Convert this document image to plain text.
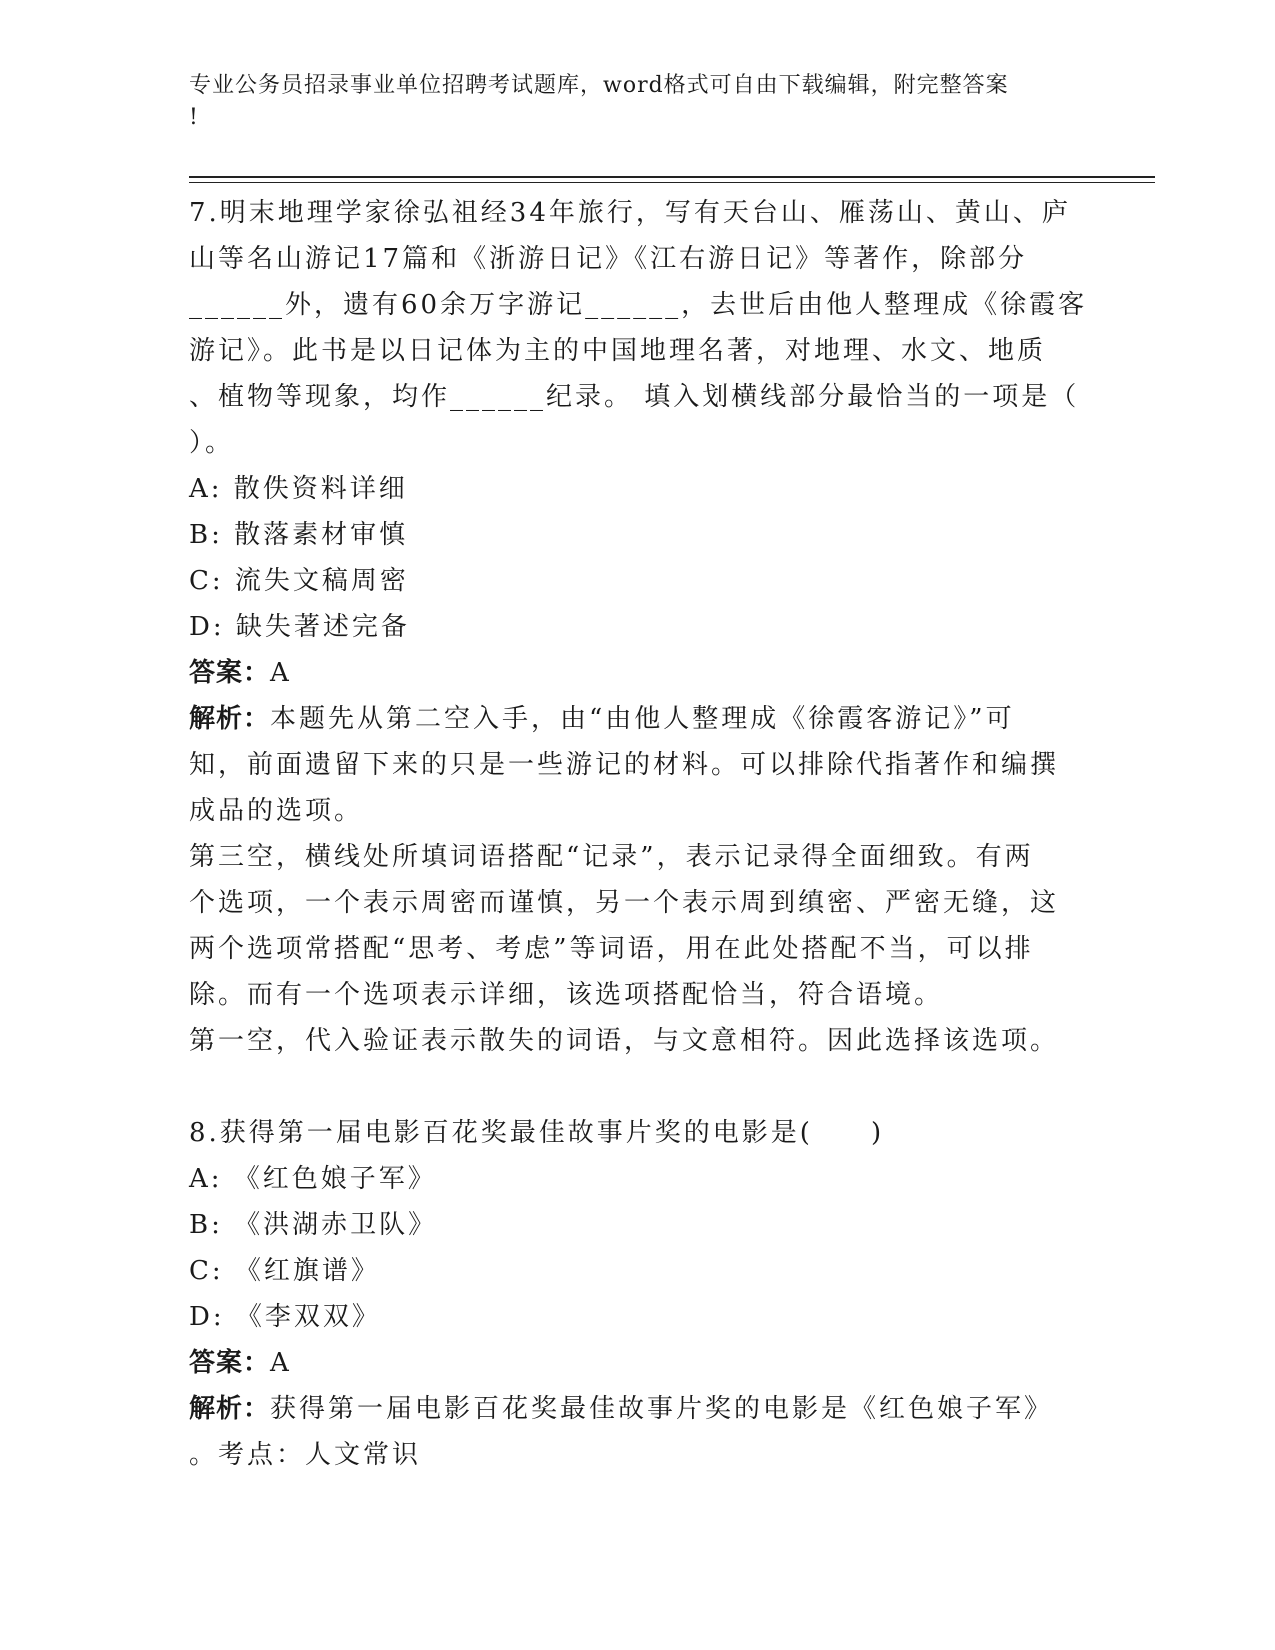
专业公务员招录事业单位招聘考试题库，word格式可自由下载编辑，附完整答案
!
7.明末地理学家徐弘祖经34年旅行，写有天台山、雁荡山、黄山、庐
山等名山游记17篇和《浙游日记》《江右游日记》等著作，除部分
______外，遗有60余万字游记______，去世后由他人整理成《徐霞客
游记》。此书是以日记体为主的中国地理名著，对地理、水文、地质
、植物等现象，均作______纪录。 填入划横线部分最恰当的一项是（
）。
A: 散佚资料详细
B: 散落素材审慎
C: 流失文稿周密
D: 缺失著述完备
答案：A
解析：本题先从第二空入手，由“由他人整理成《徐霞客游记》”可
知，前面遗留下来的只是一些游记的材料。可以排除代指著作和编撰
成品的选项。
第三空，横线处所填词语搭配“记录”，表示记录得全面细致。有两
个选项，一个表示周密而谨慎，另一个表示周到缜密、严密无缝，这
两个选项常搭配“思考、考虑”等词语，用在此处搭配不当，可以排
除。而有一个选项表示详细，该选项搭配恰当，符合语境。
第一空，代入验证表示散失的词语，与文意相符。因此选择该选项。
8.获得第一届电影百花奖最佳故事片奖的电影是(　　)
A: 《红色娘子军》
B: 《洪湖赤卫队》
C: 《红旗谱》
D: 《李双双》
答案：A
解析：获得第一届电影百花奖最佳故事片奖的电影是《红色娘子军》
。考点：人文常识
